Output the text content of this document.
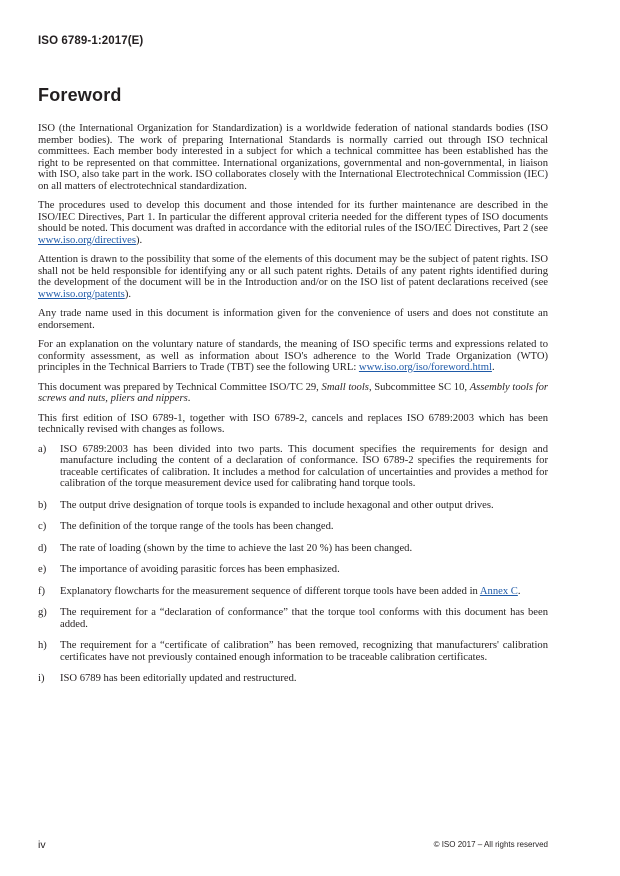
ISO 6789-1:2017(E)
Foreword

ISO (the International Organization for Standardization) is a worldwide federation of national standards bodies (ISO member bodies). The work of preparing International Standards is normally carried out through ISO technical committees. Each member body interested in a subject for which a technical committee has been established has the right to be represented on that committee. International organizations, governmental and non-governmental, in liaison with ISO, also take part in the work. ISO collaborates closely with the International Electrotechnical Commission (IEC) on all matters of electrotechnical standardization.

The procedures used to develop this document and those intended for its further maintenance are described in the ISO/IEC Directives, Part 1. In particular the different approval criteria needed for the different types of ISO documents should be noted. This document was drafted in accordance with the editorial rules of the ISO/IEC Directives, Part 2 (see www.iso.org/directives).

Attention is drawn to the possibility that some of the elements of this document may be the subject of patent rights. ISO shall not be held responsible for identifying any or all such patent rights. Details of any patent rights identified during the development of the document will be in the Introduction and/or on the ISO list of patent declarations received (see www.iso.org/patents).

Any trade name used in this document is information given for the convenience of users and does not constitute an endorsement.

For an explanation on the voluntary nature of standards, the meaning of ISO specific terms and expressions related to conformity assessment, as well as information about ISO's adherence to the World Trade Organization (WTO) principles in the Technical Barriers to Trade (TBT) see the following URL: www.iso.org/iso/foreword.html.

This document was prepared by Technical Committee ISO/TC 29, Small tools, Subcommittee SC 10, Assembly tools for screws and nuts, pliers and nippers.

This first edition of ISO 6789-1, together with ISO 6789-2, cancels and replaces ISO 6789:2003 which has been technically revised with changes as follows.

a)	ISO 6789:2003 has been divided into two parts. This document specifies the requirements for design and manufacture including the content of a declaration of conformance. ISO 6789-2 specifies the requirements for traceable certificates of calibration. It includes a method for calculation of uncertainties and provides a method for calibration of the torque measurement device used for calibrating hand torque tools.
b)	The output drive designation of torque tools is expanded to include hexagonal and other output drives.
c)	The definition of the torque range of the tools has been changed.
d)	The rate of loading (shown by the time to achieve the last 20 %) has been changed.
e)	The importance of avoiding parasitic forces has been emphasized.
f)	Explanatory flowcharts for the measurement sequence of different torque tools have been added in Annex C.
g)	The requirement for a “declaration of conformance” that the torque tool conforms with this document has been added.
h)	The requirement for a “certificate of calibration” has been removed, recognizing that manufacturers' calibration certificates have not previously contained enough information to be traceable calibration certificates.
i)	ISO 6789 has been editorially updated and restructured.
iv	© ISO 2017 – All rights reserved
